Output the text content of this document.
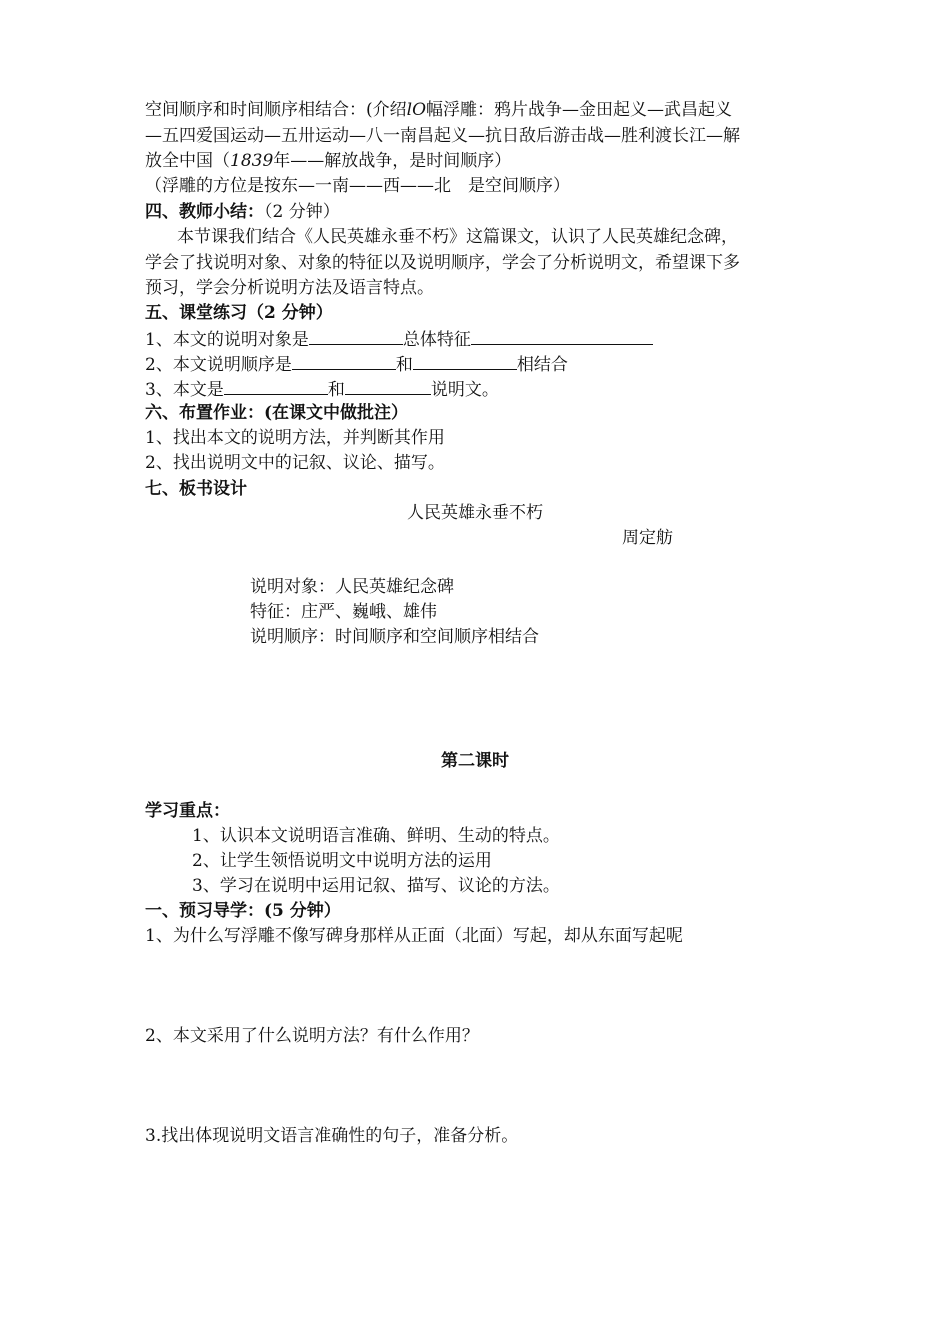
空间顺序和时间顺序相结合：(介绍lO幅浮雕：鸦片战争—金田起义—武昌起义
—五四爱国运动—五卅运动—八一南昌起义—抗日敌后游击战—胜利渡长江—解
放全中国（1839年——解放战争，是时间顺序）
（浮雕的方位是按东—一南——西——北　是空间顺序）
四、教师小结：（2 分钟）
本节课我们结合《人民英雄永垂不朽》这篇课文，认识了人民英雄纪念碑，
学会了找说明对象、对象的特征以及说明顺序，学会了分析说明文，希望课下多
预习，学会分析说明方法及语言特点。
五、课堂练习（2 分钟）
1、本文的说明对象是	总体特征
2、本文说明顺序是	和	相结合
3、本文是	和	说明文。
六、布置作业：(在课文中做批注）
1、找出本文的说明方法，并判断其作用
2、找出说明文中的记叙、议论、描写。
七、板书设计
人民英雄永垂不朽
周定舫
说明对象：人民英雄纪念碑
特征：庄严、巍峨、雄伟
说明顺序：时间顺序和空间顺序相结合
第二课时
学习重点：
1、认识本文说明语言准确、鲜明、生动的特点。
2、让学生领悟说明文中说明方法的运用
3、学习在说明中运用记叙、描写、议论的方法。
一、预习导学：(5 分钟）
1、为什么写浮雕不像写碑身那样从正面（北面）写起，却从东面写起呢
2、本文采用了什么说明方法？有什么作用？
3.找出体现说明文语言准确性的句子，准备分析。
